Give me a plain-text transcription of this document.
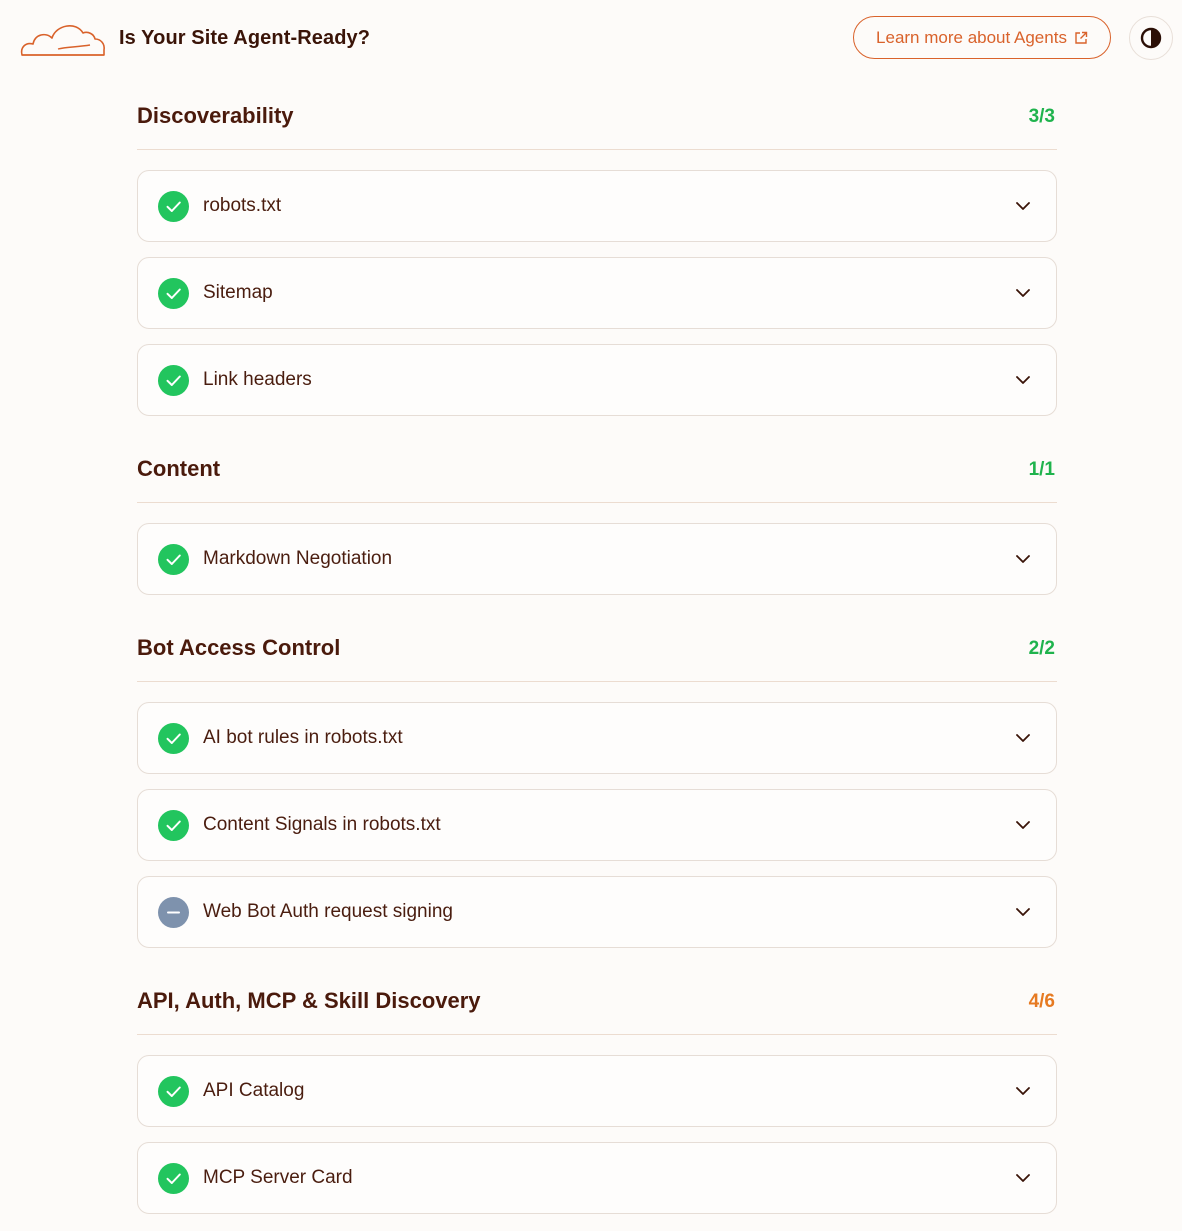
Is Your Site Agent-Ready?	Learn more about Agents
Discoverability	3/3
robots.txt
Sitemap
Link headers
Content	1/1
Markdown Negotiation
Bot Access Control	2/2
AI bot rules in robots.txt
Content Signals in robots.txt
Web Bot Auth request signing
API, Auth, MCP & Skill Discovery	4/6
API Catalog
MCP Server Card
